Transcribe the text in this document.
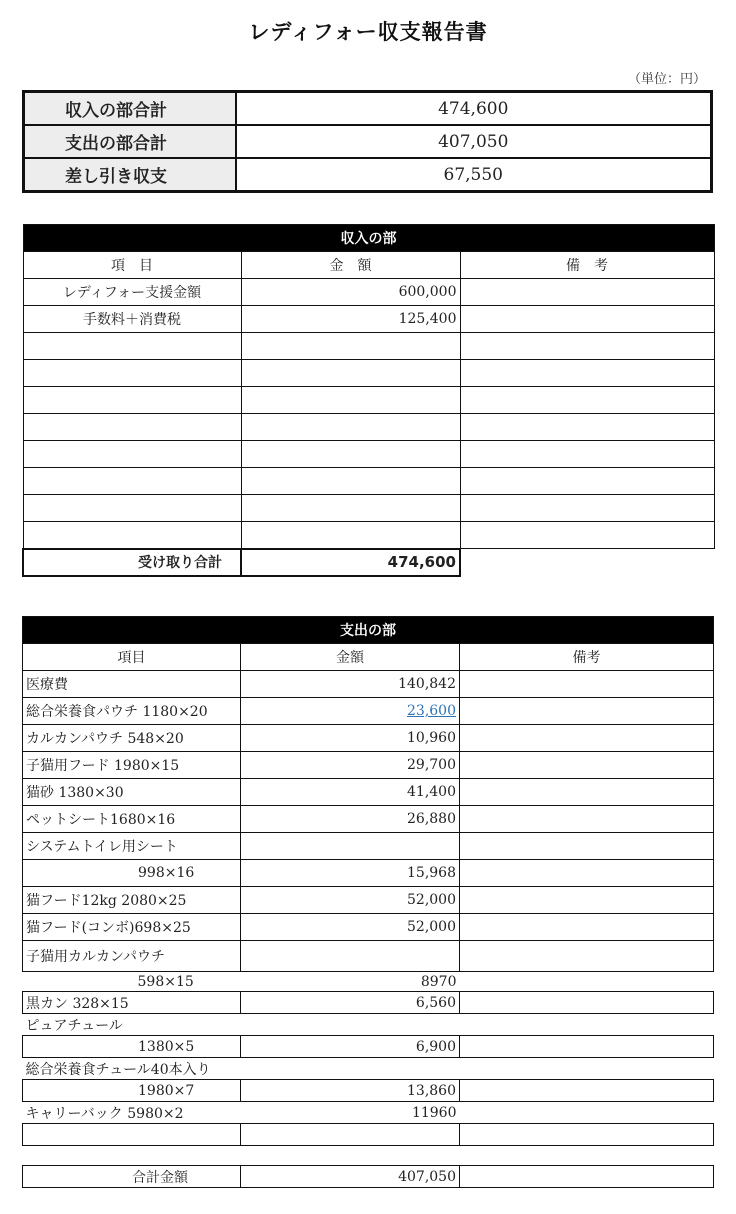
レディフォー収支報告書
（単位：円）
収入の部合計	474,600
支出の部合計	407,050
差し引き収支	67,550
収入の部		
項　目	金　額	備　考
レディフォー支援金額	600,000	
手数料＋消費税	125,400	

受け取り合計	474,600	
支出の部		
項目	金額	備考
医療費	140,842	
総合栄養食パウチ 1180×20	23,600	
カルカンパウチ 548×20	10,960	
子猫用フード 1980×15	29,700	
猫砂 1380×30	41,400	
ペットシート1680×16	26,880	
システムトイレ用シート		
998×16	15,968	
猫フード12kg 2080×25	52,000	
猫フード(コンボ)698×25	52,000	
子猫用カルカンパウチ		
598×15	8970	
黒カン 328×15	6,560	
ピュアチュール		
1380×5	6,900	
総合栄養食チュール40本入り		
1980×7	13,860	
キャリーバック 5980×2	11960	

合計金額	407,050	
